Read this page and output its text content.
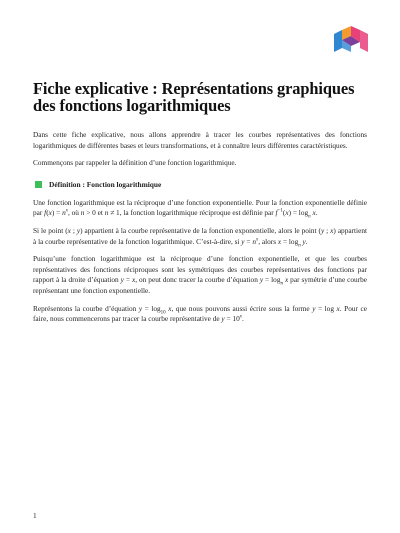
Fiche explicative : Représentations graphiques des fonctions logarithmiques

Dans cette fiche explicative, nous allons apprendre à tracer les courbes représentatives des fonctions logarithmiques de différentes bases et leurs transformations, et à connaître leurs différentes caractéristiques.

Commençons par rappeler la définition d’une fonction logarithmique.

Définition : Fonction logarithmique

Une fonction logarithmique est la réciproque d’une fonction exponentielle. Pour la fonction exponentielle définie par $f(x) = n^x$, où n > 0 et n ≠ 1, la fonction logarithmique réciproque est définie par $f^{-1}(x) = \log_n x$.

Si le point (x ; y) appartient à la courbe représentative de la fonction exponentielle, alors le point (y ; x) appartient à la courbe représentative de la fonction logarithmique. C’est-à-dire, si $y = n^x$, alors $x = \log_n y$.

Puisqu’une fonction logarithmique est la réciproque d’une fonction exponentielle, et que les courbes représentatives des fonctions réciproques sont les symétriques des courbes représentatives des fonctions par rapport à la droite d’équation y = x, on peut donc tracer la courbe d’équation $y = \log_n x$ par symétrie d’une courbe représentant une fonction exponentielle.

Représentons la courbe d’équation $y = \log_{10} x$, que nous pouvons aussi écrire sous la forme y = log x. Pour ce faire, nous commencerons par tracer la courbe représentative de $y = 10^x$.

1
